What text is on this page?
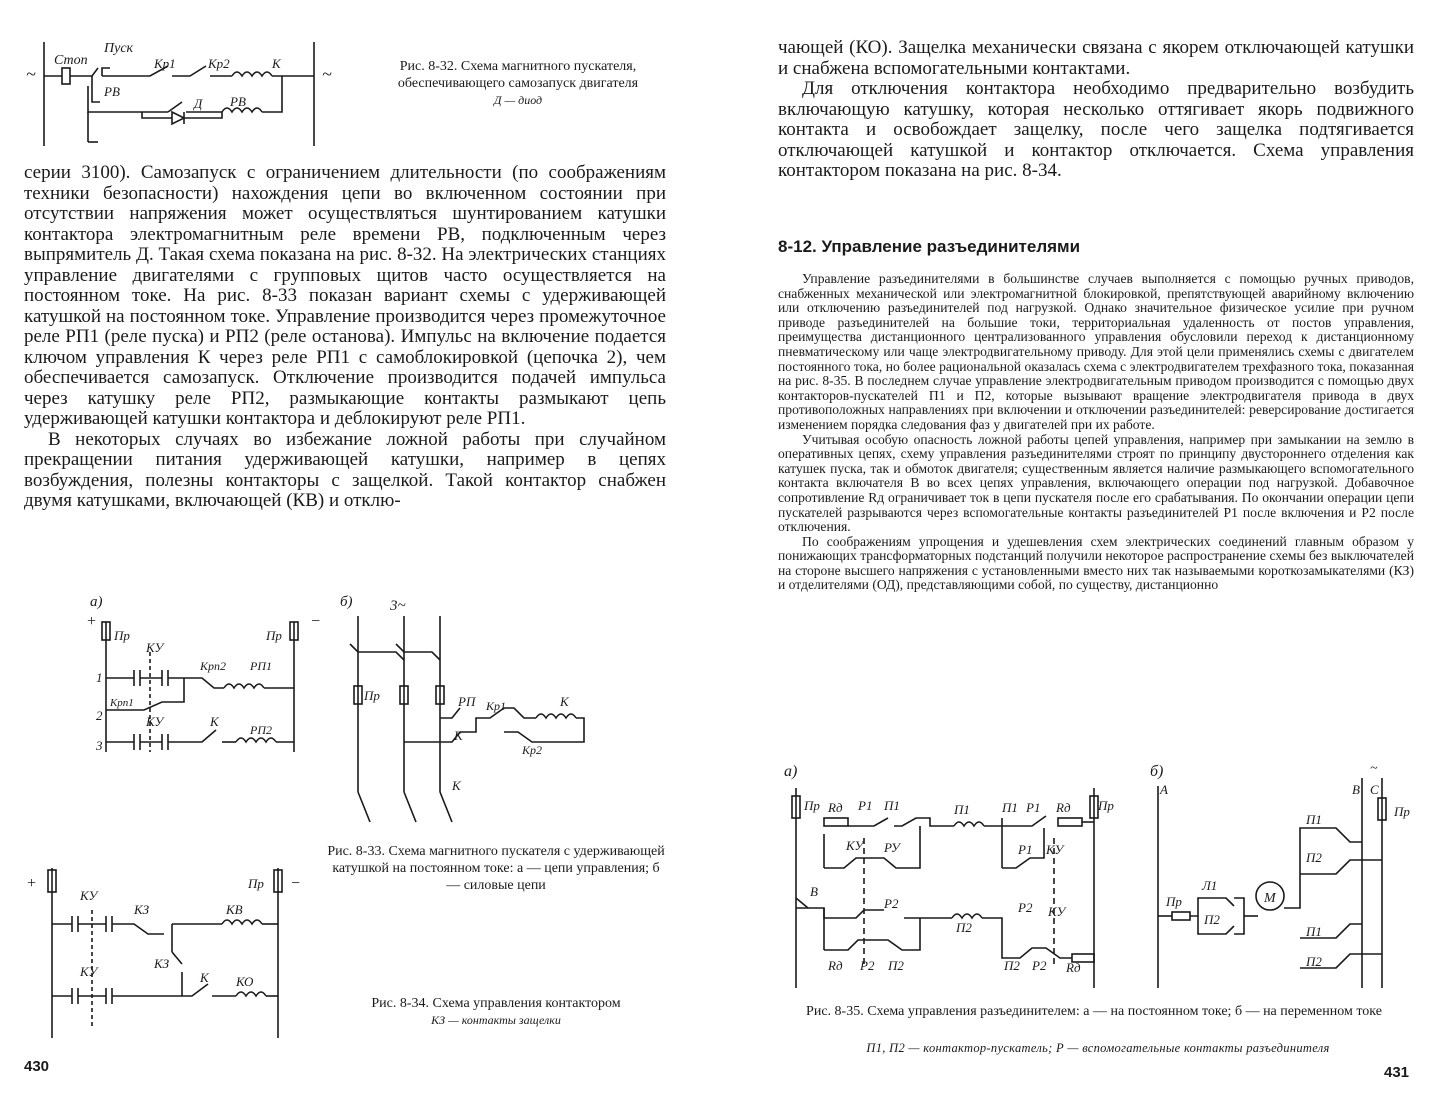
~	~
Стоп
Пуск
РВ
Кр1 Кр2	К
Д РВ
Рис. 8-32. Схема магнитного пускателя, обеспечивающего самозапуск двигателя
Д — диод

серии 3100). Самозапуск с ограничением длительности (по соображениям техники безопасности) нахождения цепи во включенном состоянии при отсутствии напряжения может осуществляться шунтированием катушки контактора электромагнитным реле времени РВ, подключенным через выпрямитель Д. Такая схема показана на рис. 8-32. На электрических станциях управление двигателями с групповых щитов часто осуществляется на постоянном токе. На рис. 8-33 показан вариант схемы с удерживающей катушкой на постоянном токе. Управление производится через промежуточное реле РП1 (реле пуска) и РП2 (реле останова). Импульс на включение подается ключом управления К через реле РП1 с самоблокировкой (цепочка 2), чем обеспечивается самозапуск. Отключение производится подачей импульса через катушку реле РП2, размыкающие контакты размыкают цепь удерживающей катушки контактора и деблокируют реле РП1.

В некоторых случаях во избежание ложной работы при случайном прекращении питания удерживающей катушки, например в цепях возбуждения, полезны контакторы с защелкой. Такой контактор снабжен двумя катушками, включающей (КВ) и отклю-

а)
+	−
Пр	Пр
КУ
Крп2 РП1
Крп1
КУ	К
РП2
1
2
3
б) 3~
Пр	РП Кр1	К
К
Кр2
К
Рис. 8-33. Схема магнитного пускателя с удерживающей катушкой на постоянном токе: а — цепи управления; б — силовые цепи
+	−
Пр
КУ
КЗ	КВ
КЗ
КУ	К КО
Рис. 8-34. Схема управления контактором
КЗ — контакты защелки
430

чающей (КО). Защелка механически связана с якорем отключающей катушки и снабжена вспомогательными контактами.

Для отключения контактора необходимо предварительно возбудить включающую катушку, которая несколько оттягивает якорь подвижного контакта и освобождает защелку, после чего защелка подтягивается отключающей катушкой и контактор отключается. Схема управления контактором показана на рис. 8-34.

8-12. Управление разъединителями

Управление разъединителями в большинстве случаев выполняется с помощью ручных приводов, снабженных механической или электромагнитной блокировкой, препятствующей аварийному включению или отключению разъединителей под нагрузкой. Однако значительное физическое усилие при ручном приводе разъединителей на большие токи, территориальная удаленность от постов управления, преимущества дистанционного централизованного управления обусловили переход к дистанционному пневматическому или чаще электродвигательному приводу. Для этой цели применялись схемы с двигателем постоянного тока, но более рациональной оказалась схема с электродвигателем трехфазного тока, показанная на рис. 8-35. В последнем случае управление электродвигательным приводом производится с помощью двух контакторов-пускателей П1 и П2, которые вызывают вращение электродвигателя привода в двух противоположных направлениях при включении и отключении разъединителей: реверсирование достигается изменением порядка следования фаз у двигателей при их работе.

Учитывая особую опасность ложной работы цепей управления, например при замыкании на землю в оперативных цепях, схему управления разъединителями строят по принципу двустороннего отделения как катушек пуска, так и обмоток двигателя; существенным является наличие размыкающего вспомогательного контакта включателя В во всех цепях управления, включающего операции под нагрузкой. Добавочное сопротивление Rд ограничивает ток в цепи пускателя после его срабатывания. По окончании операции цепи пускателей разрываются через вспомогательные контакты разъединителей Р1 после включения и Р2 после отключения.

По соображениям упрощения и удешевления схем электрических соединений главным образом у понижающих трансформаторных подстанций получили некоторое распространение схемы без выключателей на стороне высшего напряжения с установленными вместо них так называемыми короткозамыкателями (КЗ) и отделителями (ОД), представляющими собой, по существу, дистанционно

а)
Пр Rд Р1 П1	П1 П1 Р1 Rд Пр
КУ РУ	Р1 КУ
В
Р2	Р2 КУ
П2
Rд Р2 П2	П2 Р2 Rд
б)
А	В С
~
Пр
Пр
Л1
П2
М
П1
П2
П1
П2
Рис. 8-35. Схема управления разъединителем: а — на постоянном токе; б — на переменном токе
П1, П2 — контактор-пускатель; Р — вспомогательные контакты разъединителя
431
